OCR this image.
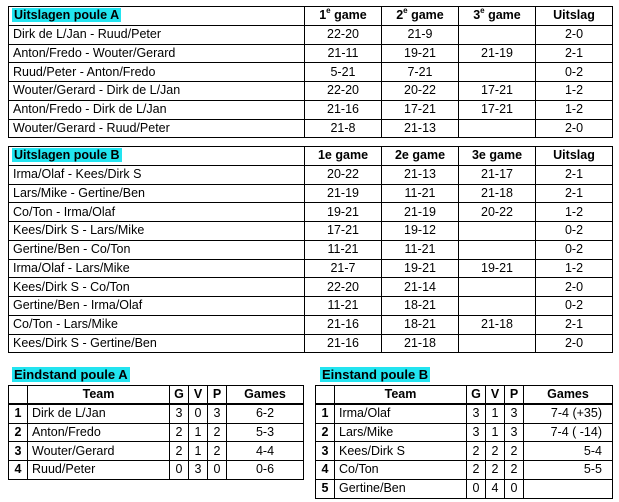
Uitslagen poule A	1e game	2e game	3e game	Uitslag
Dirk de L/Jan - Ruud/Peter	22-20	21-9		2-0
Anton/Fredo - Wouter/Gerard	21-11	19-21	21-19	2-1
Ruud/Peter - Anton/Fredo	5-21	7-21		0-2
Wouter/Gerard - Dirk de L/Jan	22-20	20-22	17-21	1-2
Anton/Fredo - Dirk de L/Jan	21-16	17-21	17-21	1-2
Wouter/Gerard - Ruud/Peter	21-8	21-13		2-0
Uitslagen poule B	1e game	2e game	3e game	Uitslag
Irma/Olaf - Kees/Dirk S	20-22	21-13	21-17	2-1
Lars/Mike - Gertine/Ben	21-19	11-21	21-18	2-1
Co/Ton - Irma/Olaf	19-21	21-19	20-22	1-2
Kees/Dirk S - Lars/Mike	17-21	19-12		0-2
Gertine/Ben - Co/Ton	11-21	11-21		0-2
Irma/Olaf - Lars/Mike	21-7	19-21	19-21	1-2
Kees/Dirk S - Co/Ton	22-20	21-14		2-0
Gertine/Ben - Irma/Olaf	11-21	18-21		0-2
Co/Ton - Lars/Mike	21-16	18-21	21-18	2-1
Kees/Dirk S - Gertine/Ben	21-16	21-18		2-0
Eindstand poule A	Einstand poule B
	Team	G	V	P	Games
1	Dirk de L/Jan	3	0	3	6-2
2	Anton/Fredo	2	1	2	5-3
3	Wouter/Gerard	2	1	2	4-4
4	Ruud/Peter	0	3	0	0-6
	Team	G	V	P	Games
1	Irma/Olaf	3	1	3	7-4 (+35)
2	Lars/Mike	3	1	3	7-4 ( -14)
3	Kees/Dirk S	2	2	2	5-4
4	Co/Ton	2	2	2	5-5
5	Gertine/Ben	0	4	0	
